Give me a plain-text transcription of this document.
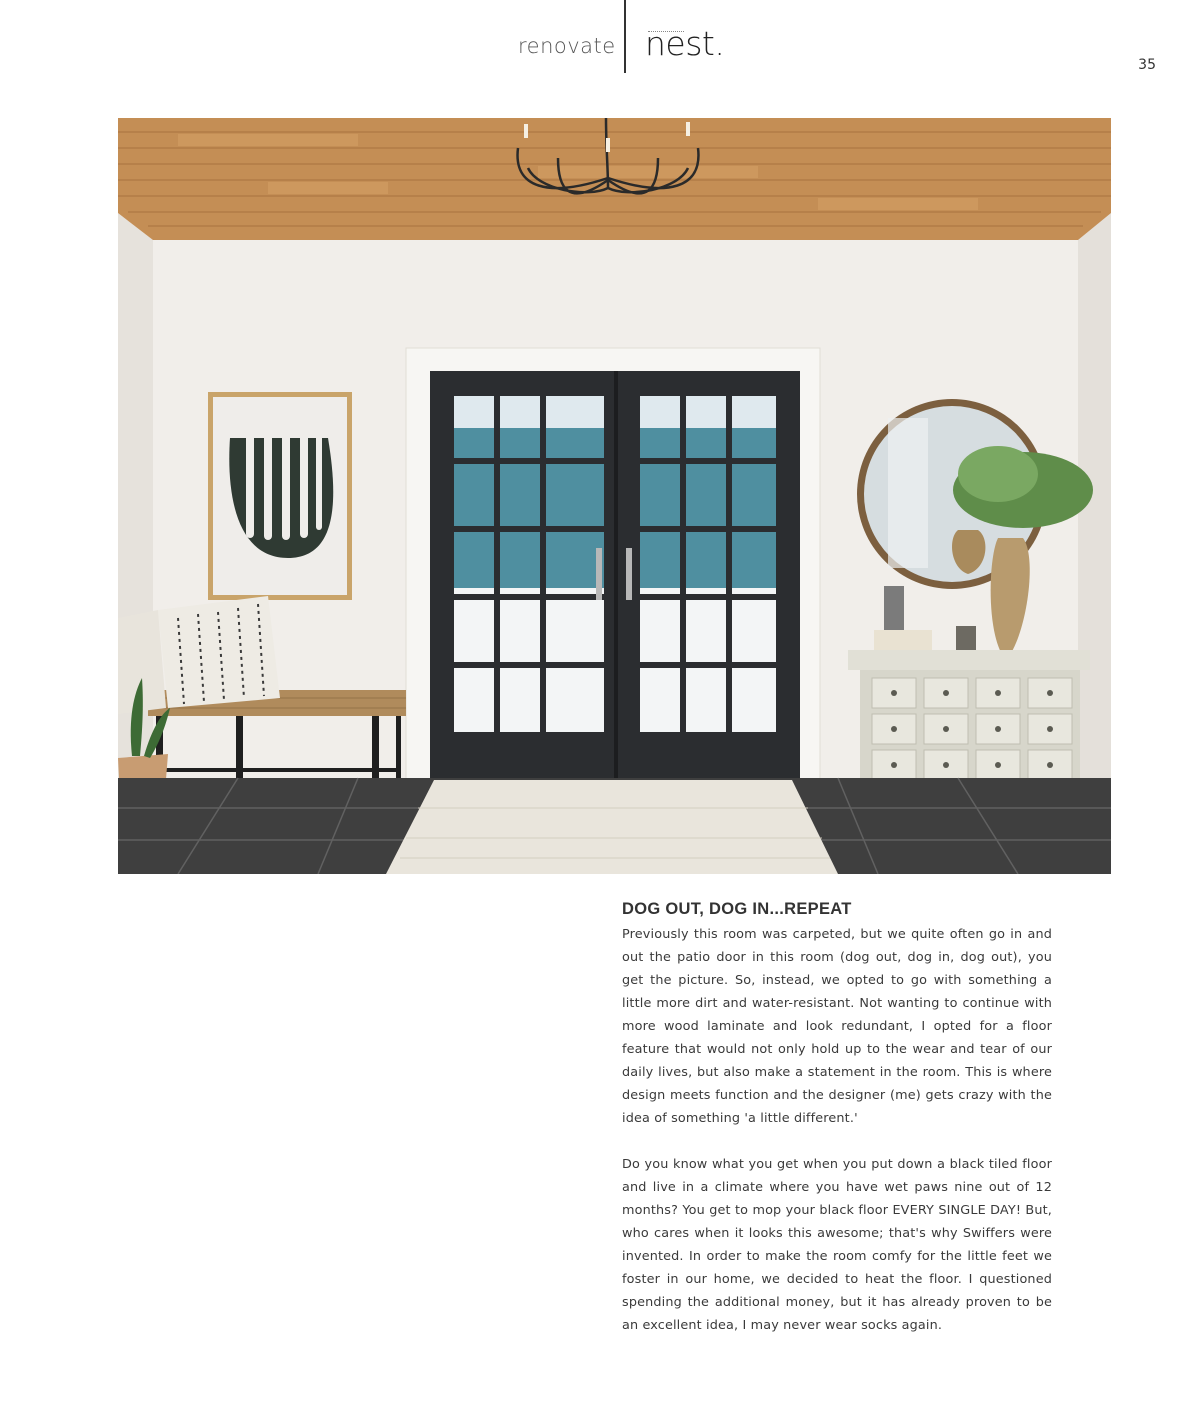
renovate nest.
35
DOG OUT, DOG IN...REPEAT

Previously this room was carpeted, but we quite often go in and out the patio door in this room (dog out, dog in, dog out), you get the picture. So, instead, we opted to go with something a little more dirt and water-resistant. Not wanting to continue with more wood laminate and look redundant, I opted for a floor feature that would not only hold up to the wear and tear of our daily lives, but also make a statement in the room. This is where design meets function and the designer (me) gets crazy with the idea of something 'a little different.'

Do you know what you get when you put down a black tiled floor and live in a climate where you have wet paws nine out of 12 months? You get to mop your black floor EVERY SINGLE DAY! But, who cares when it looks this awesome; that's why Swiffers were invented. In order to make the room comfy for the little feet we foster in our home, we decided to heat the floor. I questioned spending the additional money, but it has already proven to be an excellent idea, I may never wear socks again.
